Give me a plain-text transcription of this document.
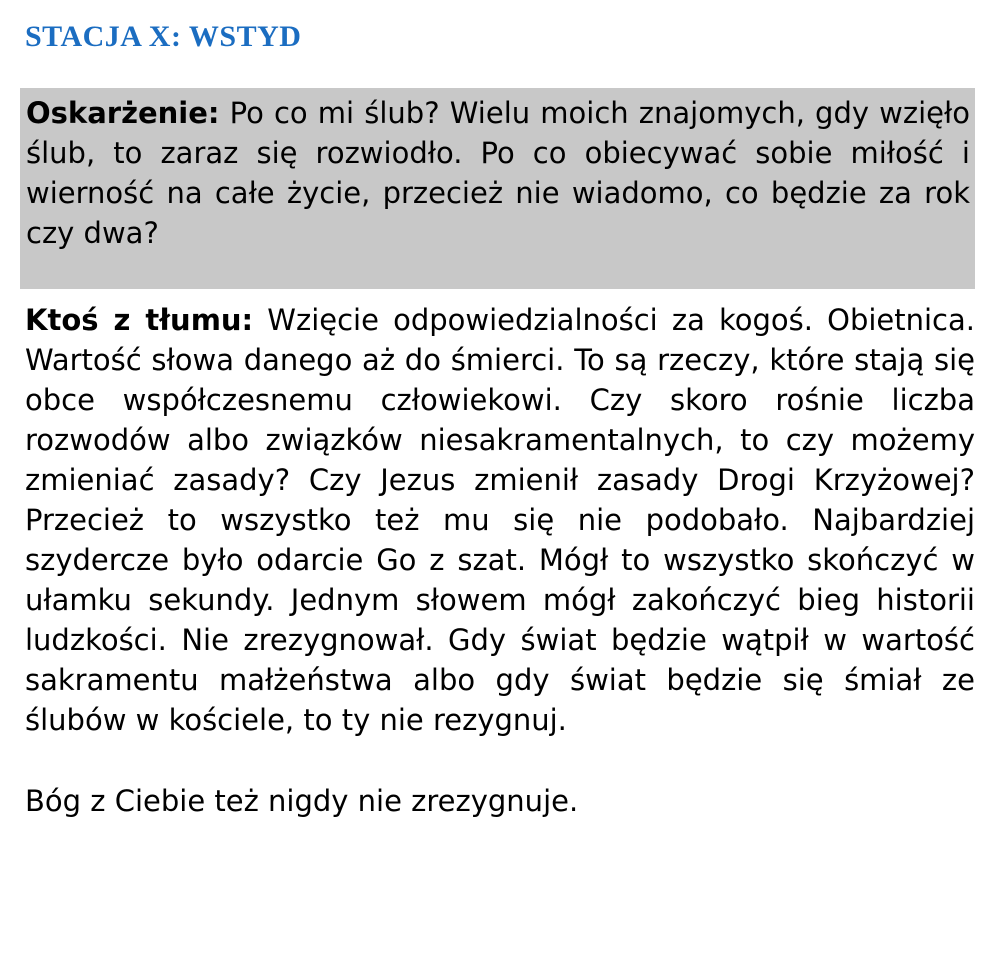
STACJA X: WSTYD

Oskarżenie: Po co mi ślub? Wielu moich znajomych, gdy wzięło ślub, to zaraz się rozwiodło. Po co obiecywać sobie miłość i wierność na całe życie, przecież nie wiadomo, co będzie za rok czy dwa?

Ktoś z tłumu: Wzięcie odpowiedzialności za kogoś. Obietnica. Wartość słowa danego aż do śmierci. To są rzeczy, które stają się obce współczesnemu człowiekowi. Czy skoro rośnie liczba rozwodów albo związków niesakramentalnych, to czy możemy zmieniać zasady? Czy Jezus zmienił zasady Drogi Krzyżowej? Przecież to wszystko też mu się nie podobało. Najbardziej szydercze było odarcie Go z szat. Mógł to wszystko skończyć w ułamku sekundy. Jednym słowem mógł zakończyć bieg historii ludzkości. Nie zrezygnował. Gdy świat będzie wątpił w wartość sakramentu małżeństwa albo gdy świat będzie się śmiał ze ślubów w kościele, to ty nie rezygnuj.

Bóg z Ciebie też nigdy nie zrezygnuje.
